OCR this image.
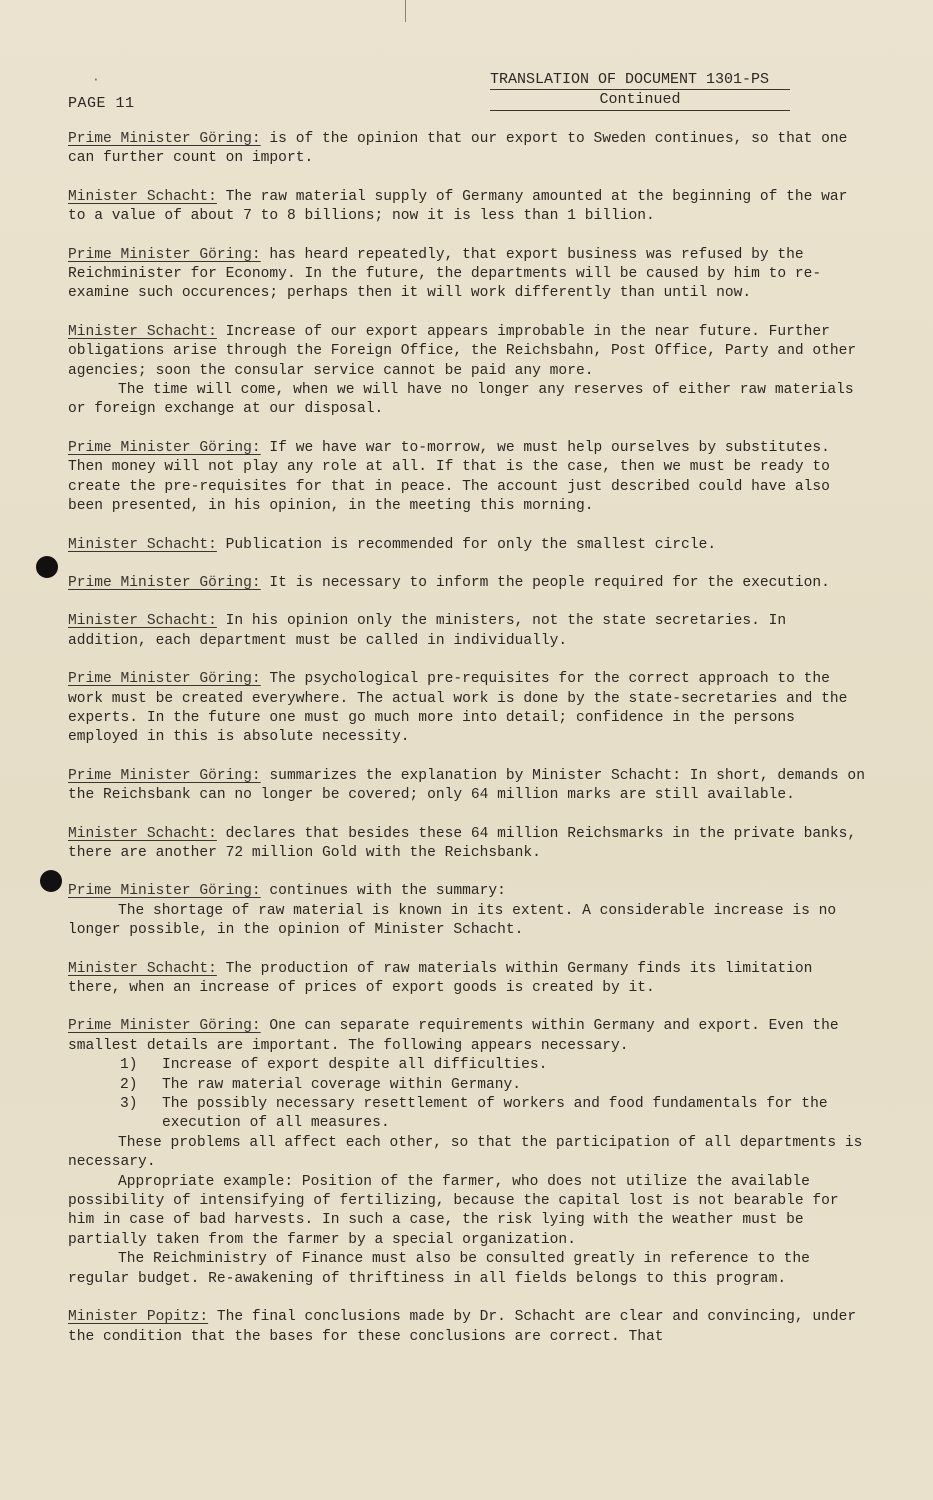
·
PAGE 11
TRANSLATION OF DOCUMENT 1301-PS
Continued

Prime Minister Göring: is of the opinion that our export to Sweden continues, so that one can further count on import.

Minister Schacht: The raw material supply of Germany amounted at the beginning of the war to a value of about 7 to 8 billions; now it is less than 1 billion.

Prime Minister Göring: has heard repeatedly, that export business was refused by the Reichminister for Economy. In the future, the departments will be caused by him to re-examine such occurences; perhaps then it will work differently than until now.

Minister Schacht: Increase of our export appears improbable in the near future. Further obligations arise through the Foreign Office, the Reichsbahn, Post Office, Party and other agencies; soon the consular service cannot be paid any more.

The time will come, when we will have no longer any reserves of either raw materials or foreign exchange at our disposal.

Prime Minister Göring: If we have war to-morrow, we must help ourselves by substitutes. Then money will not play any role at all. If that is the case, then we must be ready to create the pre-requisites for that in peace. The account just described could have also been presented, in his opinion, in the meeting this morning.

Minister Schacht: Publication is recommended for only the smallest circle.

Prime Minister Göring: It is necessary to inform the people required for the execution.

Minister Schacht: In his opinion only the ministers, not the state secretaries. In addition, each department must be called in individually.

Prime Minister Göring: The psychological pre-requisites for the correct approach to the work must be created everywhere. The actual work is done by the state-secretaries and the experts. In the future one must go much more into detail; confidence in the persons employed in this is absolute necessity.

Prime Minister Göring: summarizes the explanation by Minister Schacht: In short, demands on the Reichsbank can no longer be covered; only 64 million marks are still available.

Minister Schacht: declares that besides these 64 million Reichsmarks in the private banks, there are another 72 million Gold with the Reichsbank.

Prime Minister Göring: continues with the summary:

The shortage of raw material is known in its extent. A considerable increase is no longer possible, in the opinion of Minister Schacht.

Minister Schacht: The production of raw materials within Germany finds its limitation there, when an increase of prices of export goods is created by it.

Prime Minister Göring: One can separate requirements within Germany and export. Even the smallest details are important. The following appears necessary.

1)	Increase of export despite all difficulties.
2)	The raw material coverage within Germany.
3)	The possibly necessary resettlement of workers and food fundamentals for the execution of all measures.

These problems all affect each other, so that the participation of all departments is necessary.

Appropriate example: Position of the farmer, who does not utilize the available possibility of intensifying of fertilizing, because the capital lost is not bearable for him in case of bad harvests. In such a case, the risk lying with the weather must be partially taken from the farmer by a special organization.

The Reichministry of Finance must also be consulted greatly in reference to the regular budget. Re-awakening of thriftiness in all fields belongs to this program.

Minister Popitz: The final conclusions made by Dr. Schacht are clear and convincing, under the condition that the bases for these conclusions are correct. That
